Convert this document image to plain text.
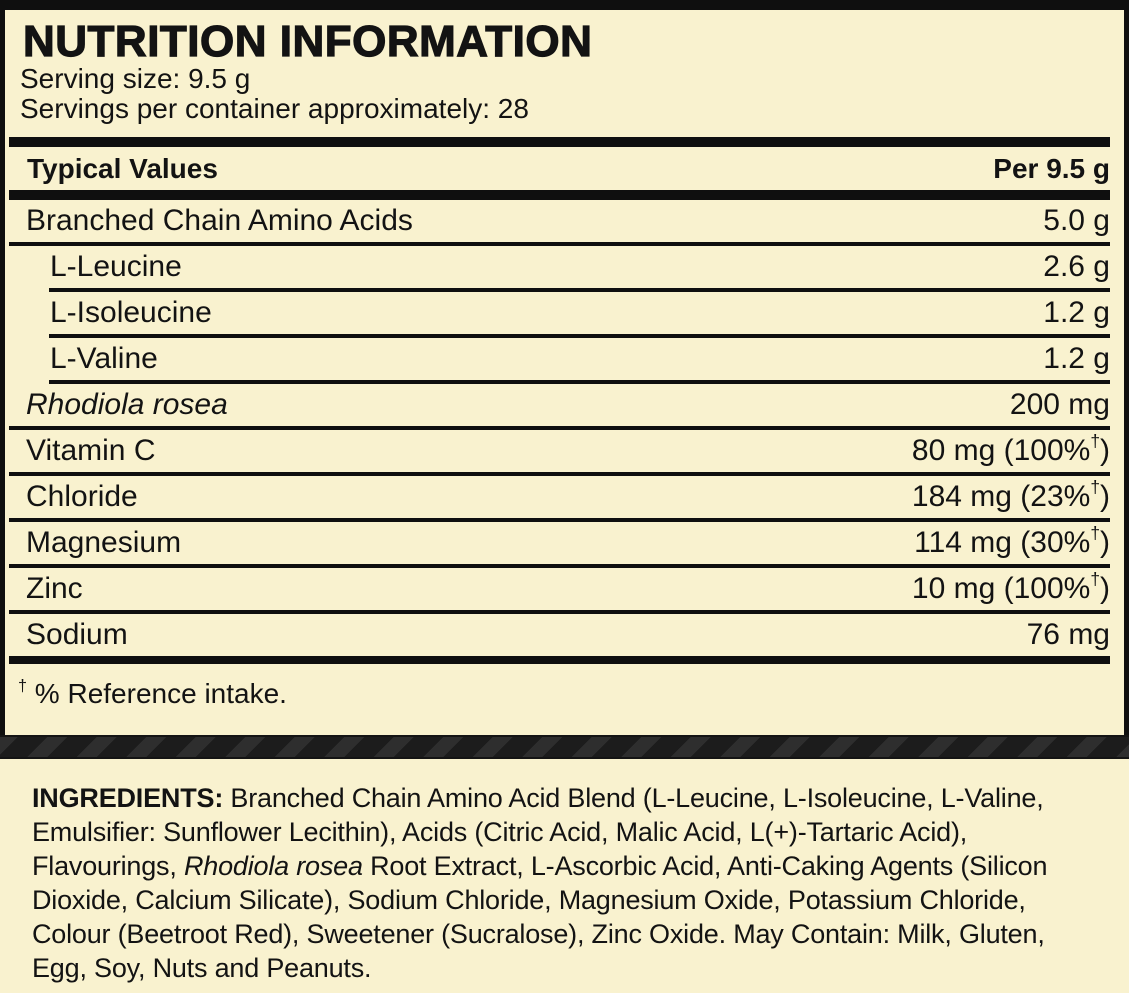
NUTRITION INFORMATION
Serving size: 9.5 g
Servings per container approximately: 28
Typical Values	Per 9.5 g
Branched Chain Amino Acids	5.0 g
L-Leucine	2.6 g
L-Isoleucine	1.2 g
L-Valine	1.2 g
Rhodiola rosea	200 mg
Vitamin C	80 mg (100%†)
Chloride	184 mg (23%†)
Magnesium	114 mg (30%†)
Zinc	10 mg (100%†)
Sodium	76 mg
† % Reference intake.

INGREDIENTS: Branched Chain Amino Acid Blend (L-Leucine, L-Isoleucine, L-Valine, Emulsifier: Sunflower Lecithin), Acids (Citric Acid, Malic Acid, L(+)-Tartaric Acid), Flavourings, Rhodiola rosea Root Extract, L-Ascorbic Acid, Anti-Caking Agents (Silicon Dioxide, Calcium Silicate), Sodium Chloride, Magnesium Oxide, Potassium Chloride, Colour (Beetroot Red), Sweetener (Sucralose), Zinc Oxide. May Contain: Milk, Gluten, Egg, Soy, Nuts and Peanuts.
